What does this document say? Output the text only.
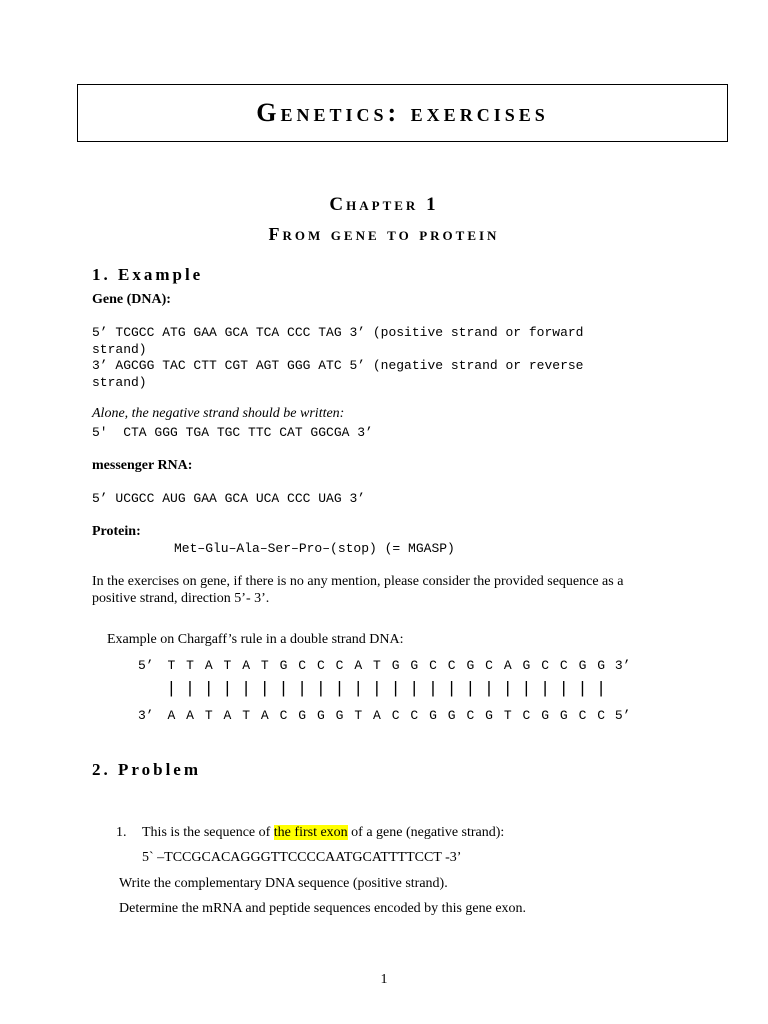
Genetics: exercises
Chapter 1
From gene to protein
1. Example
Gene (DNA):
5’ TCGCC ATG GAA GCA TCA CCC TAG 3’ (positive strand or forward
strand)
3’ AGCGG TAC CTT CGT AGT GGG ATC 5’ (negative strand or reverse
strand)
Alone, the negative strand should be written:
5'  CTA GGG TGA TGC TTC CAT GGCGA 3’
messenger RNA:
5’ UCGCC AUG GAA GCA UCA CCC UAG 3’
Protein:
Met–Glu–Ala–Ser–Pro–(stop) (= MGASP)
In the exercises on gene, if there is no any mention, please consider the provided sequence as a
positive strand, direction 5’- 3’.
Example on Chargaff’s rule in a double strand DNA:
5’	T T A T A T G C C C A T G G C C G C A G C C G G 3’
| | | | | | | | | | | | | | | | | | | | | | | |
3’	A A T A T A C G G G T A C C G G C G T C G G C C 5’
2. Problem
1. This is the sequence of the first exon of a gene (negative strand):
5` –TCCGCACAGGGTTCCCCAATGCATTTTCCT -3’
Write the complementary DNA sequence (positive strand).
Determine the mRNA and peptide sequences encoded by this gene exon.
1
